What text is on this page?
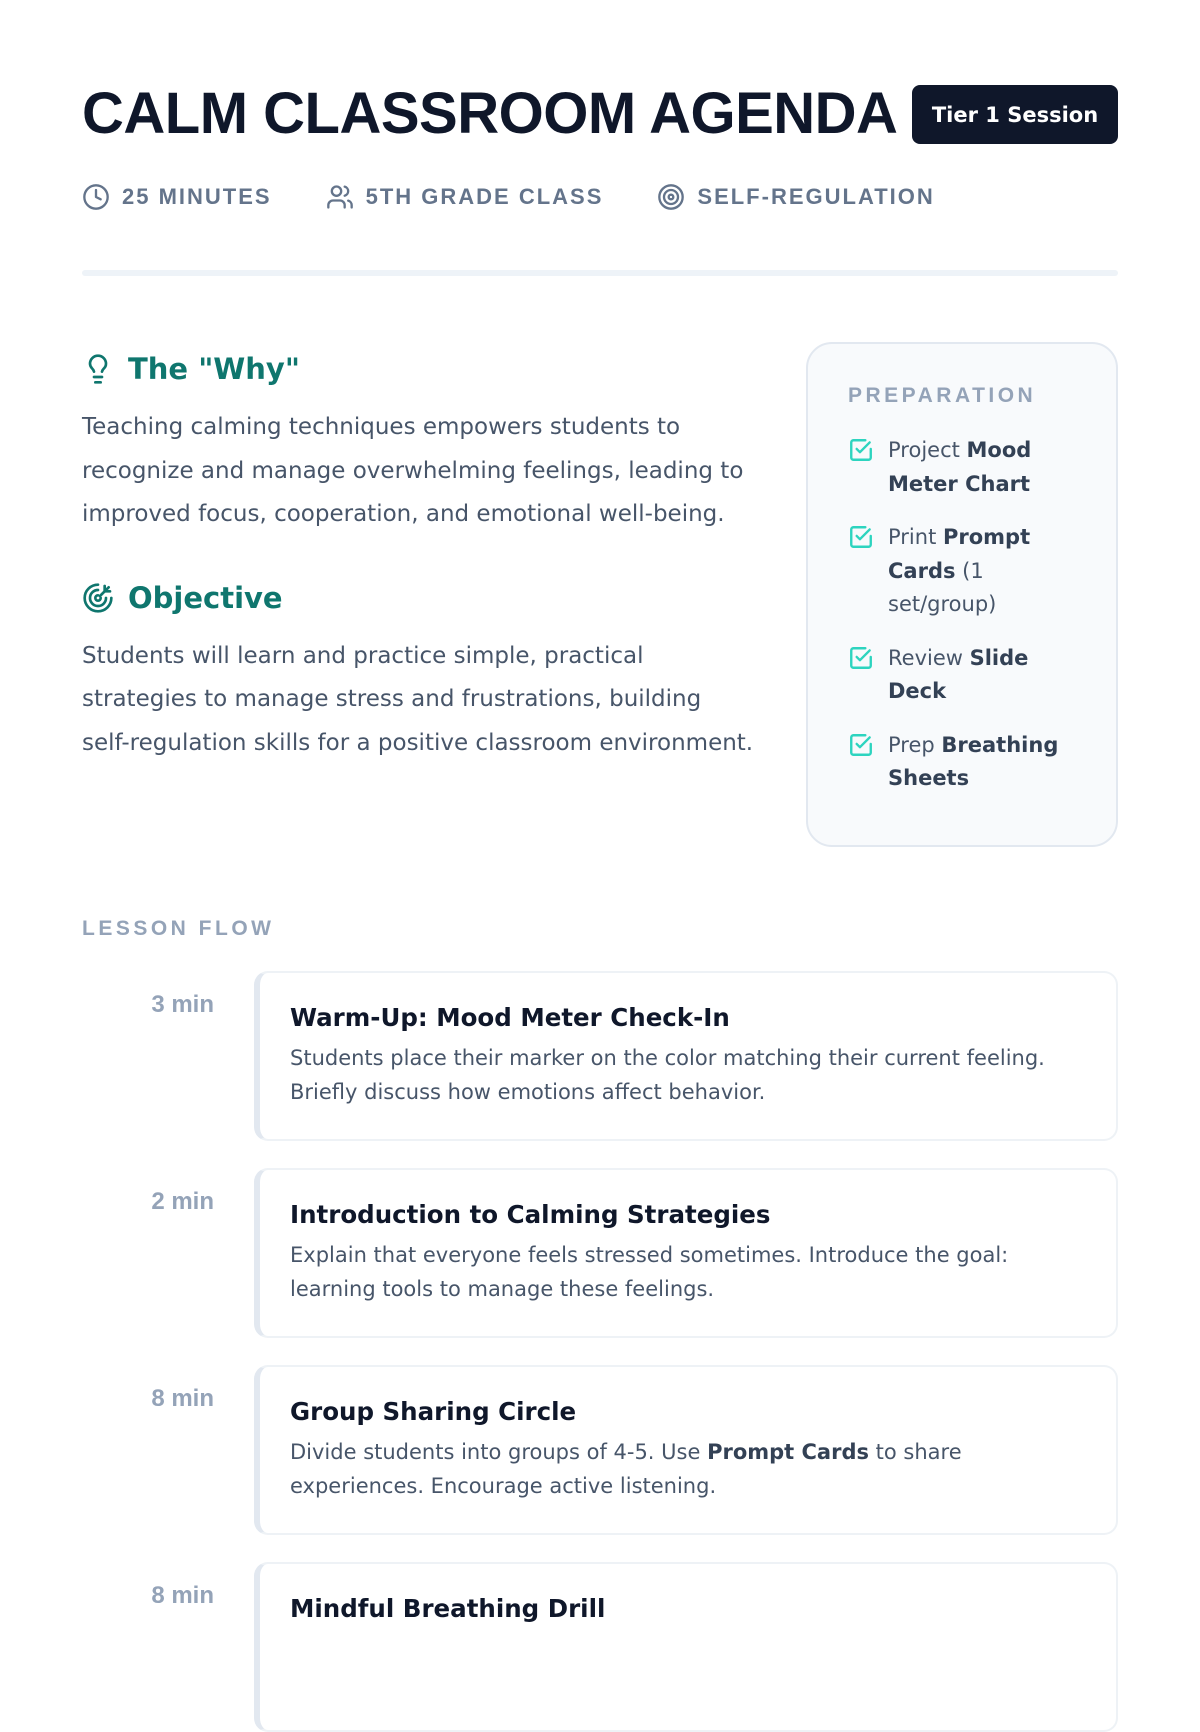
CALM CLASSROOM AGENDA	Tier 1 Session
25 MINUTES	5TH GRADE CLASS	SELF-REGULATION
The "Why"

Teaching calming techniques empowers students to recognize and manage overwhelming feelings, leading to improved focus, cooperation, and emotional well-being.

Objective

Students will learn and practice simple, practical strategies to manage stress and frustrations, building self-regulation skills for a positive classroom environment.

PREPARATION
Project Mood Meter Chart
Print Prompt Cards (1 set/group)
Review Slide Deck
Prep Breathing Sheets
LESSON FLOW
3 min	Warm-Up: Mood Meter Check-In

Students place their marker on the color matching their current feeling. Briefly discuss how emotions affect behavior.

2 min	Introduction to Calming Strategies

Explain that everyone feels stressed sometimes. Introduce the goal: learning tools to manage these feelings.

8 min	Group Sharing Circle

Divide students into groups of 4-5. Use Prompt Cards to share experiences. Encourage active listening.

8 min	Mindful Breathing Drill
